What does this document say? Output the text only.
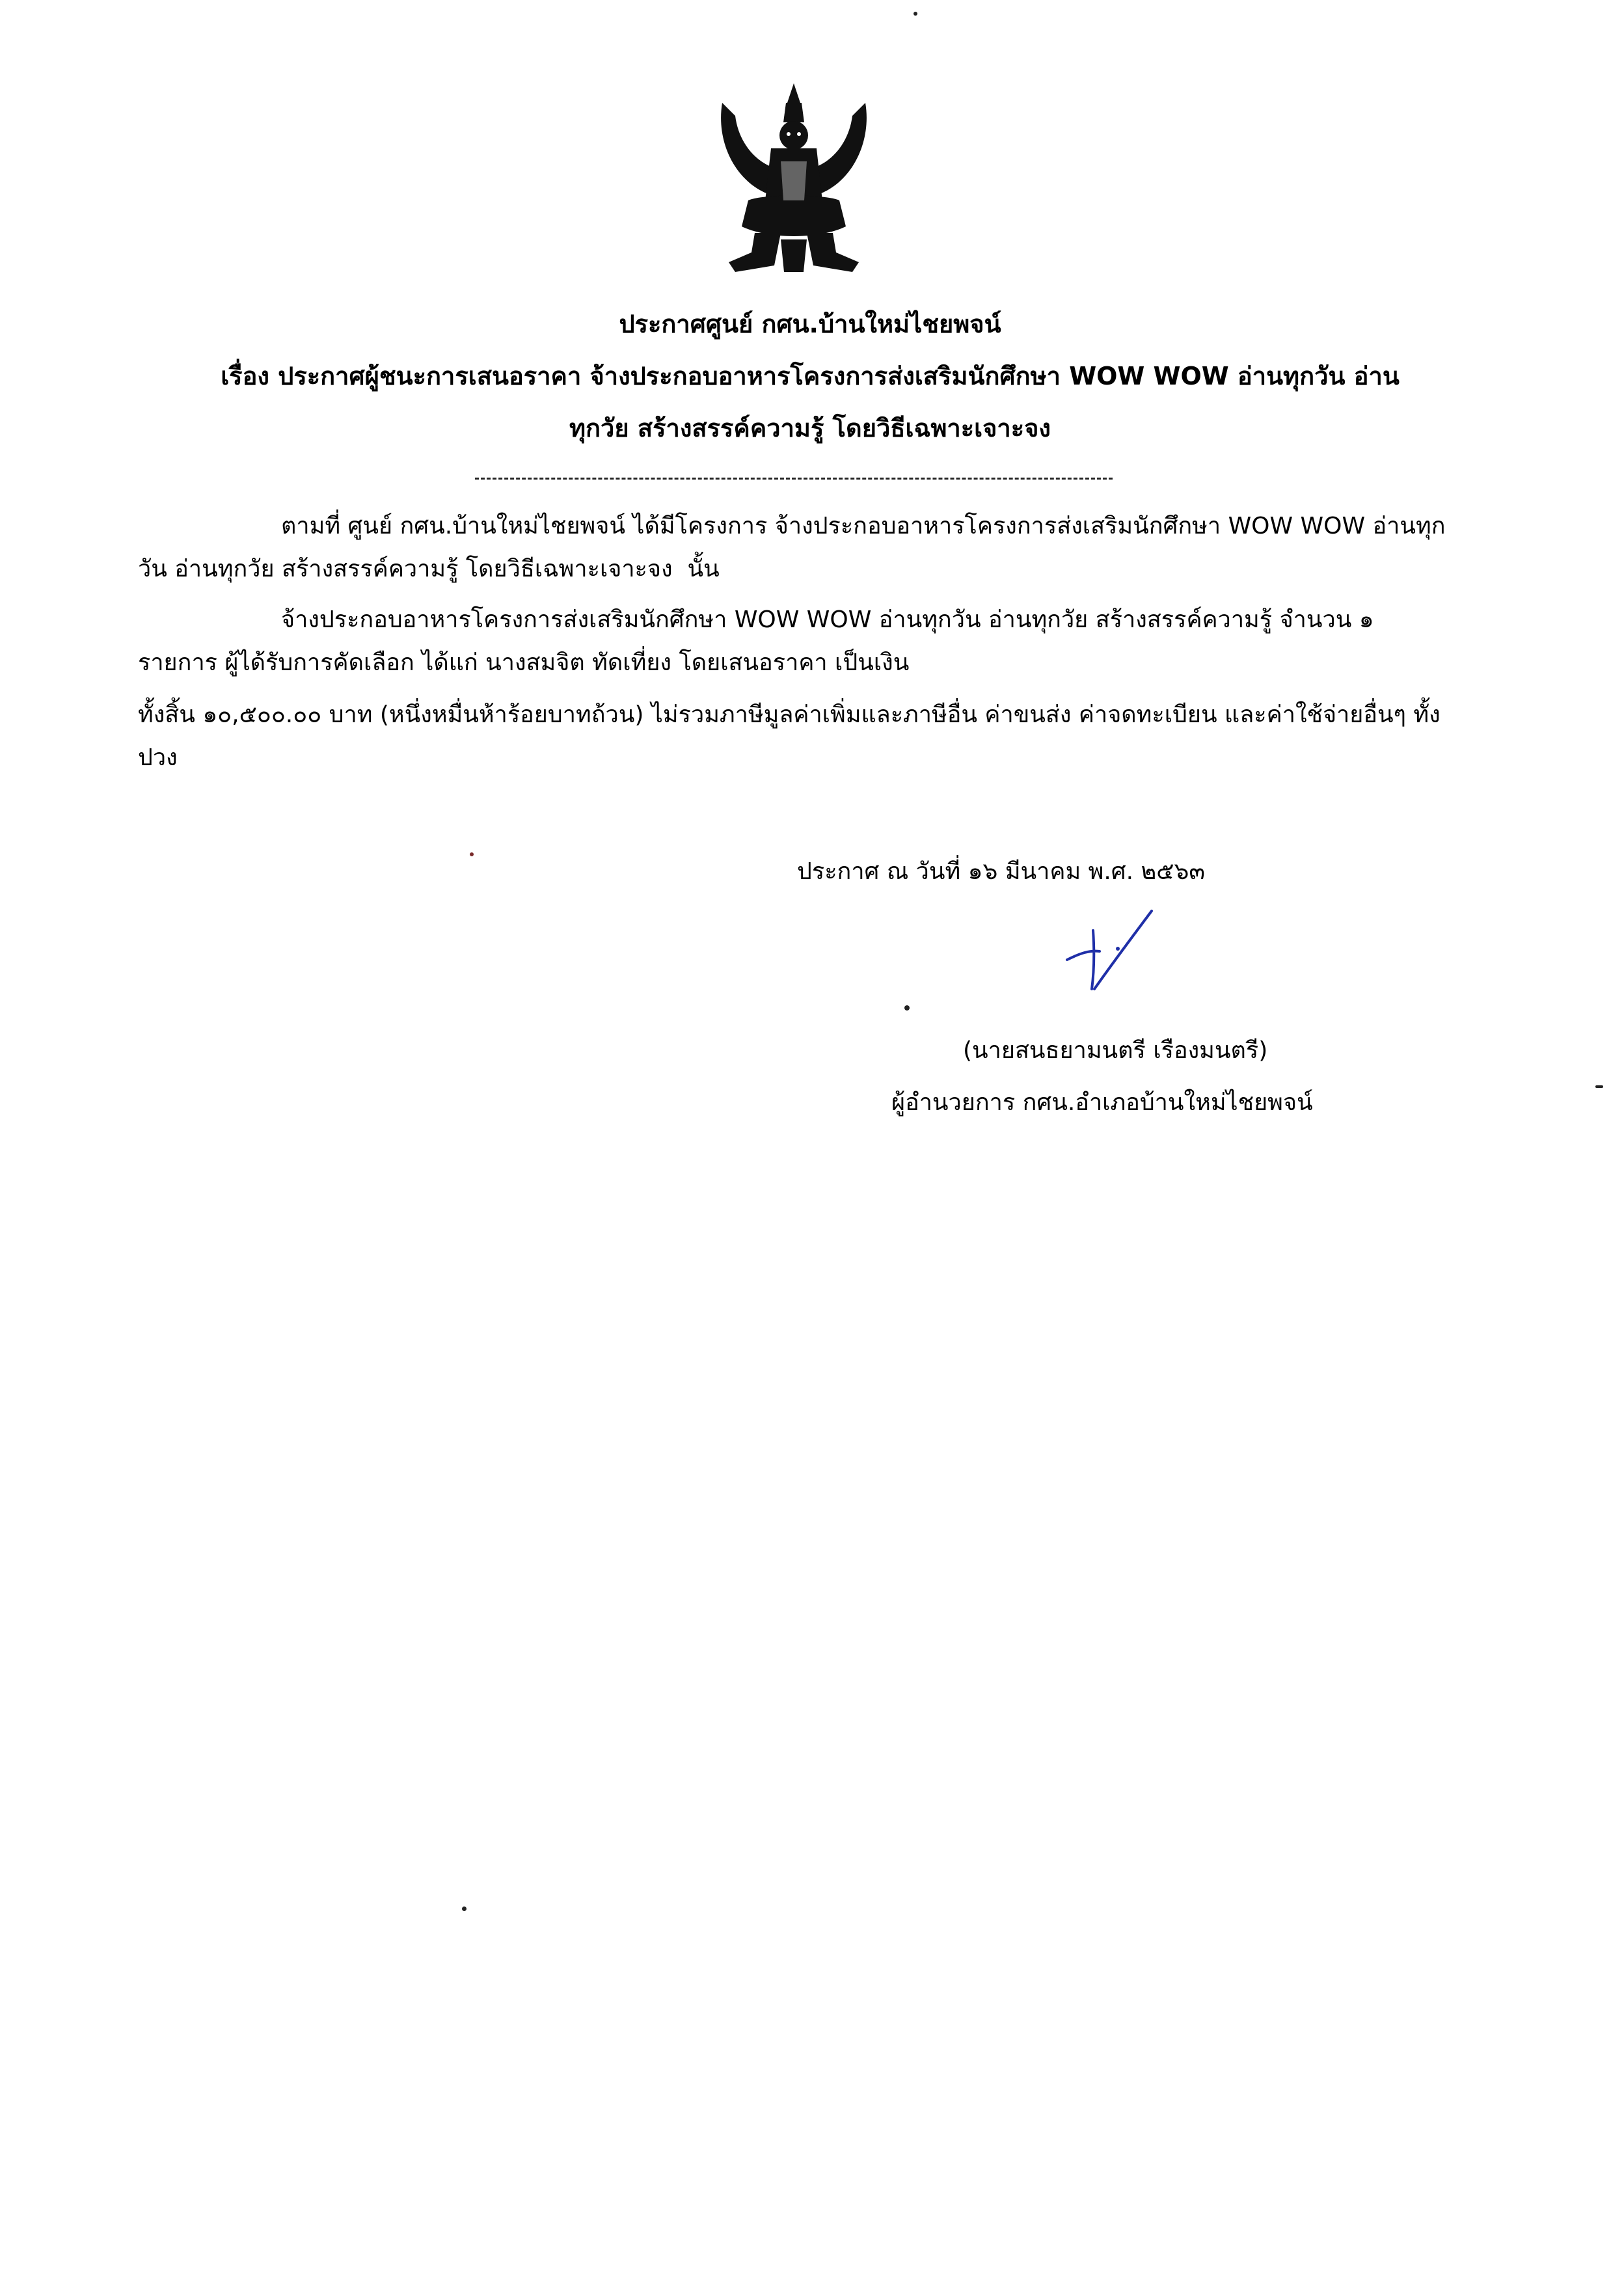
ประกาศศูนย์ กศน.บ้านใหม่ไชยพจน์
เรื่อง ประกาศผู้ชนะการเสนอราคา จ้างประกอบอาหารโครงการส่งเสริมนักศึกษา WOW WOW อ่านทุกวัน อ่าน
ทุกวัย สร้างสรรค์ความรู้ โดยวิธีเฉพาะเจาะจง

ตามที่ ศูนย์ กศน.บ้านใหม่ไชยพจน์ ได้มีโครงการ จ้างประกอบอาหารโครงการส่งเสริมนักศึกษา WOW WOW อ่านทุกวัน อ่านทุกวัย สร้างสรรค์ความรู้ โดยวิธีเฉพาะเจาะจง  นั้น

จ้างประกอบอาหารโครงการส่งเสริมนักศึกษา WOW WOW อ่านทุกวัน อ่านทุกวัย สร้างสรรค์ความรู้ จำนวน ๑ รายการ ผู้ได้รับการคัดเลือก ได้แก่ นางสมจิต ทัดเที่ยง โดยเสนอราคา เป็นเงิน

ทั้งสิ้น ๑๐,๕๐๐.๐๐ บาท (หนึ่งหมื่นห้าร้อยบาทถ้วน) ไม่รวมภาษีมูลค่าเพิ่มและภาษีอื่น ค่าขนส่ง ค่าจดทะเบียน และค่าใช้จ่ายอื่นๆ ทั้งปวง

ประกาศ ณ วันที่ ๑๖ มีนาคม พ.ศ. ๒๕๖๓
(นายสนธยามนตรี เรืองมนตรี)
ผู้อำนวยการ กศน.อำเภอบ้านใหม่ไชยพจน์
